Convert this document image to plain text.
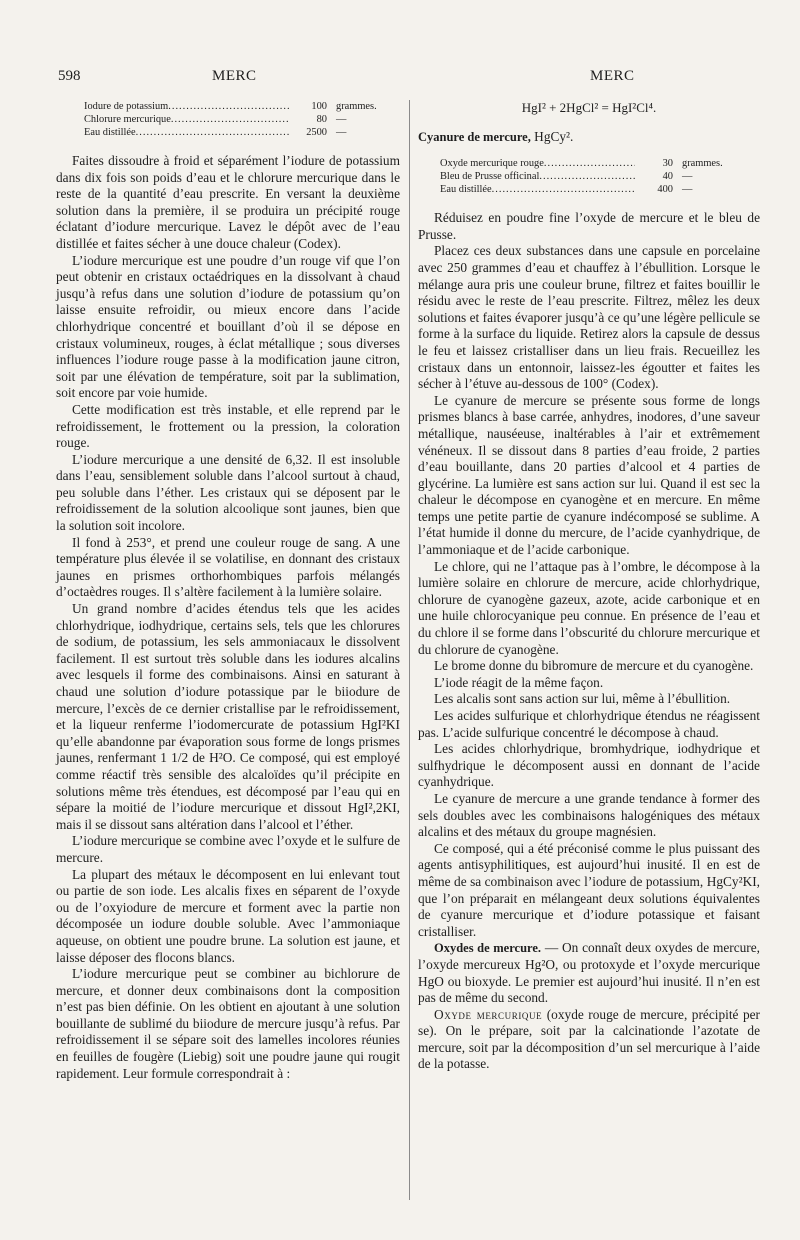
598	MERC	MERC
Iodure de potassium .....	100 grammes.
Chlorure mercurique .....	80 —
Eau distillée .....	2500 —

Faites dissoudre à froid et séparément l’iodure de potassium dans dix fois son poids d’eau et le chlorure mercurique dans le reste de la quantité d’eau prescrite. En versant la deuxième solution dans la première, il se produira un précipité rouge éclatant d’iodure mercurique. Lavez le dépôt avec de l’eau distillée et faites sécher à une douce chaleur (Codex).

L’iodure mercurique est une poudre d’un rouge vif que l’on peut obtenir en cristaux octaédriques en la dissolvant à chaud jusqu’à refus dans une solution d’iodure de potassium qu’on laisse ensuite refroidir, ou mieux encore dans l’acide chlorhydrique concentré et bouillant d’où il se dépose en cristaux volumineux, rouges, à éclat métallique ; sous diverses influences l’iodure rouge passe à la modification jaune citron, soit par une élévation de température, soit par la sublimation, soit encore par voie humide.

Cette modification est très instable, et elle reprend par le refroidissement, le frottement ou la pression, la coloration rouge.

L’iodure mercurique a une densité de 6,32. Il est insoluble dans l’eau, sensiblement soluble dans l’alcool surtout à chaud, peu soluble dans l’éther. Les cristaux qui se déposent par le refroidissement de la solution alcoolique sont jaunes, bien que la solution soit incolore.

Il fond à 253°, et prend une couleur rouge de sang. A une température plus élevée il se volatilise, en donnant des cristaux jaunes en prismes orthorhombiques parfois mélangés d’octaèdres rouges. Il s’altère facilement à la lumière solaire.

Un grand nombre d’acides étendus tels que les acides chlorhydrique, iodhydrique, certains sels, tels que les chlorures de sodium, de potassium, les sels ammoniacaux le dissolvent facilement. Il est surtout très soluble dans les iodures alcalins avec lesquels il forme des combinaisons. Ainsi en saturant à chaud une solution d’iodure potassique par le biiodure de mercure, l’excès de ce dernier cristallise par le refroidissement, et la liqueur renferme l’iodomercurate de potassium HgI²KI qu’elle abandonne par évaporation sous forme de longs prismes jaunes, renfermant 1 1/2 de H²O. Ce composé, qui est employé comme réactif très sensible des alcaloïdes qu’il précipite en solutions même très étendues, est décomposé par l’eau qui en sépare la moitié de l’iodure mercurique et dissout HgI²,2KI, mais il se dissout sans altération dans l’alcool et l’éther.

L’iodure mercurique se combine avec l’oxyde et le sulfure de mercure.

La plupart des métaux le décomposent en lui enlevant tout ou partie de son iode. Les alcalis fixes en séparent de l’oxyde ou de l’oxyiodure de mercure et forment avec la partie non décomposée un iodure double soluble. Avec l’ammoniaque aqueuse, on obtient une poudre brune. La solution est jaune, et laisse déposer des flocons blancs.

L’iodure mercurique peut se combiner au bichlorure de mercure, et donner deux combinaisons dont la composition n’est pas bien définie. On les obtient en ajoutant à une solution bouillante de sublimé du biiodure de mercure jusqu’à refus. Par refroidissement il se sépare soit des lamelles incolores réunies en feuilles de fougère (Liebig) soit une poudre jaune qui rougit rapidement. Leur formule correspondrait à :

HgI² + 2HgCl² = HgI²Cl⁴.

Cyanure de mercure, HgCy².

Oxyde mercurique rouge .....	30 grammes.
Bleu de Prusse officinal .....	40 —
Eau distillée .....	400 —

Réduisez en poudre fine l’oxyde de mercure et le bleu de Prusse.

Placez ces deux substances dans une capsule en porcelaine avec 250 grammes d’eau et chauffez à l’ébullition. Lorsque le mélange aura pris une couleur brune, filtrez et faites bouillir le résidu avec le reste de l’eau prescrite. Filtrez, mêlez les deux solutions et faites évaporer jusqu’à ce qu’une légère pellicule se forme à la surface du liquide. Retirez alors la capsule de dessus le feu et laissez cristalliser dans un lieu frais. Recueillez les cristaux dans un entonnoir, laissez-les égoutter et faites les sécher à l’étuve au-dessous de 100° (Codex).

Le cyanure de mercure se présente sous forme de longs prismes blancs à base carrée, anhydres, inodores, d’une saveur métallique, nauséeuse, inaltérables à l’air et extrêmement vénéneux. Il se dissout dans 8 parties d’eau froide, 2 parties d’eau bouillante, dans 20 parties d’alcool et 4 parties de glycérine. La lumière est sans action sur lui. Quand il est sec la chaleur le décompose en cyanogène et en mercure. En même temps une petite partie de cyanure indécomposé se sublime. A l’état humide il donne du mercure, de l’acide cyanhydrique, de l’ammoniaque et de l’acide carbonique.

Le chlore, qui ne l’attaque pas à l’ombre, le décompose à la lumière solaire en chlorure de mercure, acide chlorhydrique, chlorure de cyanogène gazeux, azote, acide carbonique et en une huile chlorocyanique peu connue. En présence de l’eau et du chlore il se forme dans l’obscurité du chlorure mercurique et du chlorure de cyanogène.

Le brome donne du bibromure de mercure et du cyanogène.

L’iode réagit de la même façon.

Les alcalis sont sans action sur lui, même à l’ébullition.

Les acides sulfurique et chlorhydrique étendus ne réagissent pas. L’acide sulfurique concentré le décompose à chaud.

Les acides chlorhydrique, bromhydrique, iodhydrique et sulfhydrique le décomposent aussi en donnant de l’acide cyanhydrique.

Le cyanure de mercure a une grande tendance à former des sels doubles avec les combinaisons halogéniques des métaux alcalins et des métaux du groupe magnésien.

Ce composé, qui a été préconisé comme le plus puissant des agents antisyphilitiques, est aujourd’hui inusité. Il en est de même de sa combinaison avec l’iodure de potassium, HgCy²KI, que l’on préparait en mélangeant deux solutions équivalentes de cyanure mercurique et d’iodure potassique et faisant cristalliser.

Oxydes de mercure. — On connaît deux oxydes de mercure, l’oxyde mercureux Hg²O, ou protoxyde et l’oxyde mercurique HgO ou bioxyde. Le premier est aujourd’hui inusité. Il n’en est pas de même du second.

Oxyde mercurique (oxyde rouge de mercure, précipité per se). On le prépare, soit par la calcinationde l’azotate de mercure, soit par la décomposition d’un sel mercurique à l’aide de la potasse.
